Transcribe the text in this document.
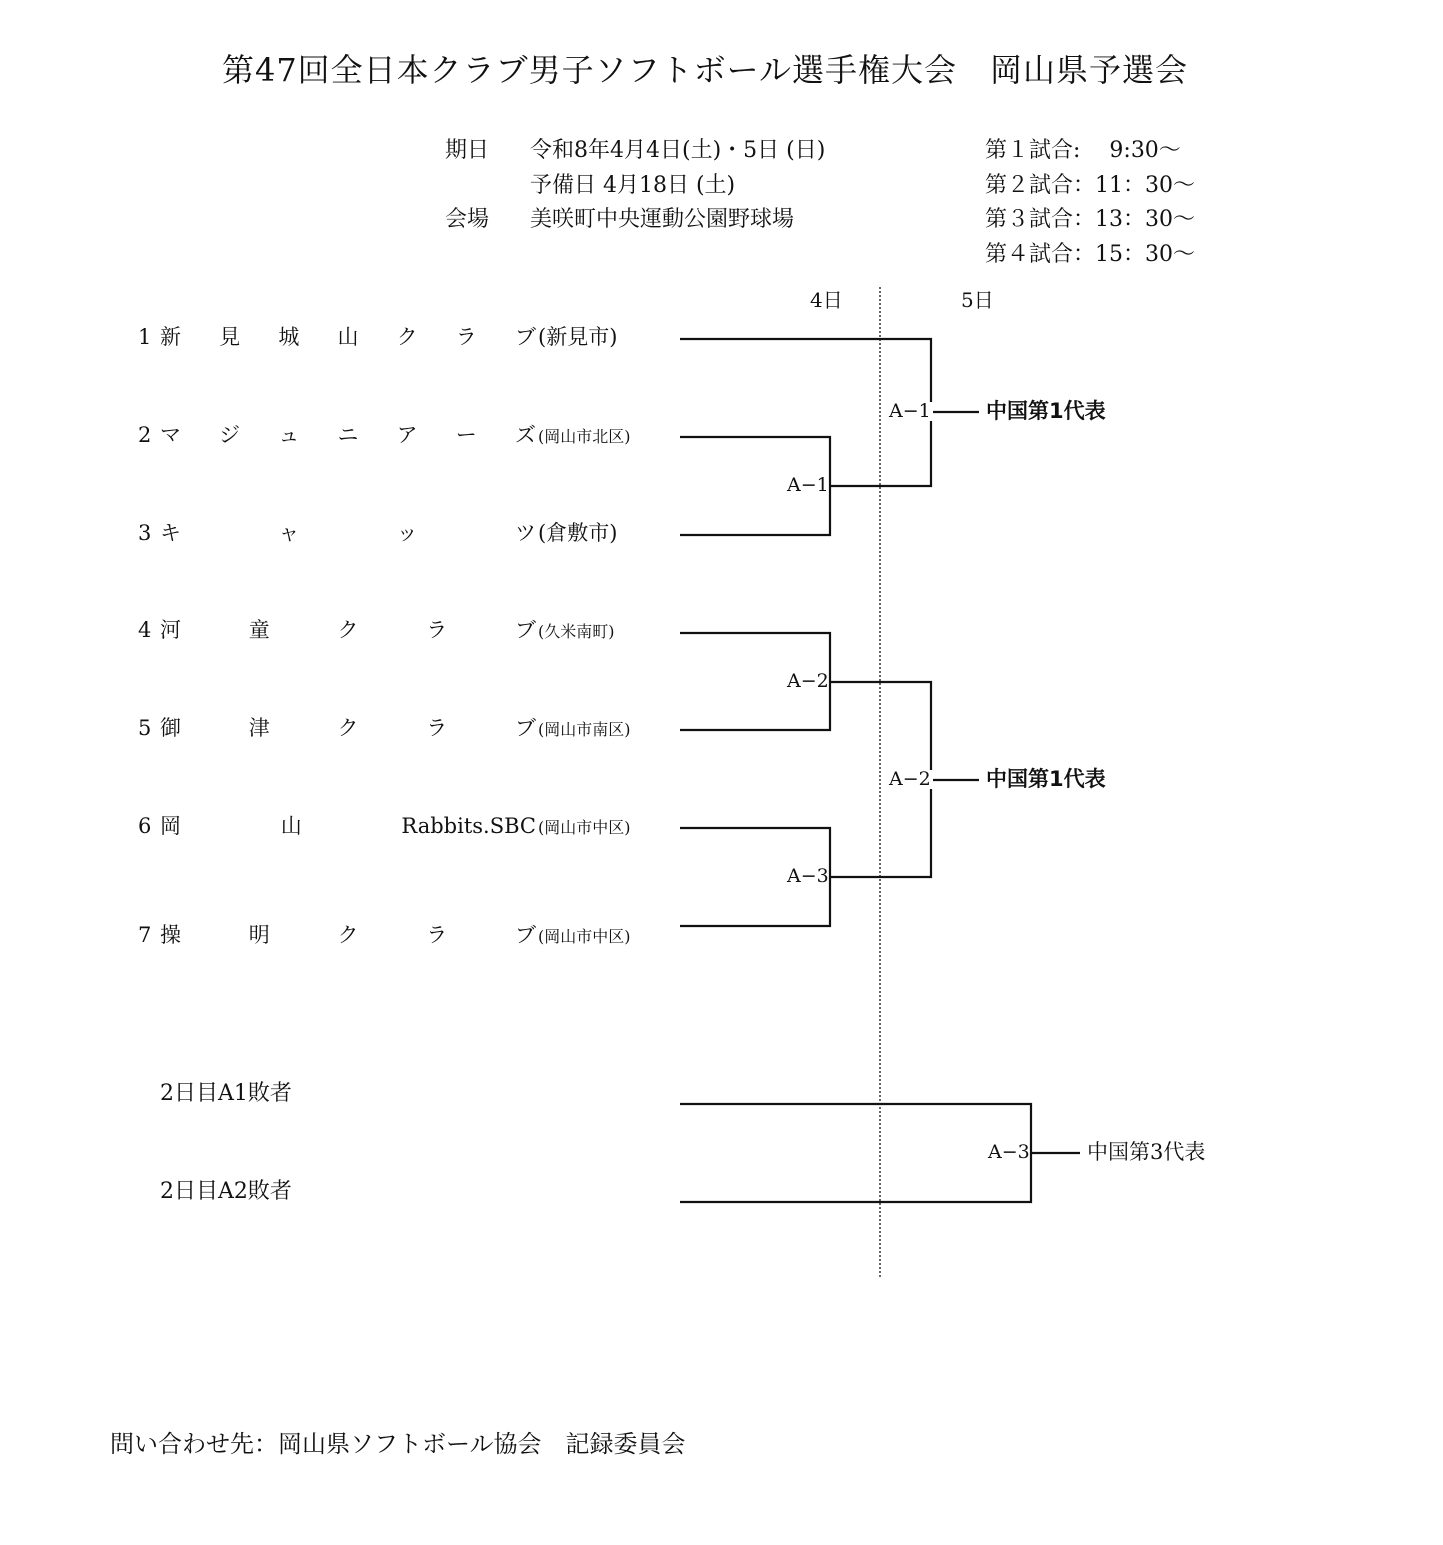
第47回全日本クラブ男子ソフトボール選手権大会　岡山県予選会
期日 令和8年4月4日(土)・5日 (日)
予備日 4月18日 (土)
会場 美咲町中央運動公園野球場
第１試合:　 9:30〜
第２試合：11：30〜
第３試合：13：30〜
第４試合：15：30〜
4日	5日
1 新 見 城 山 ク ラ ブ (新見市)
2 マ ジ ュ ニ ア ー ズ (岡山市北区)
3 キ	ャ	ッ	ツ (倉敷市)
4 河	童	ク	ラ	ブ (久米南町)
5 御	津	ク	ラ	ブ (岡山市南区)
6 岡	山	Rabbits.SBC (岡山市中区)
7 操	明	ク	ラ	ブ (岡山市中区)
A−1
A−1
A−2
A−2
A−3
A−3
中国第1代表
中国第1代表
中国第3代表
2日目A1敗者
2日目A2敗者
問い合わせ先：岡山県ソフトボール協会　記録委員会
